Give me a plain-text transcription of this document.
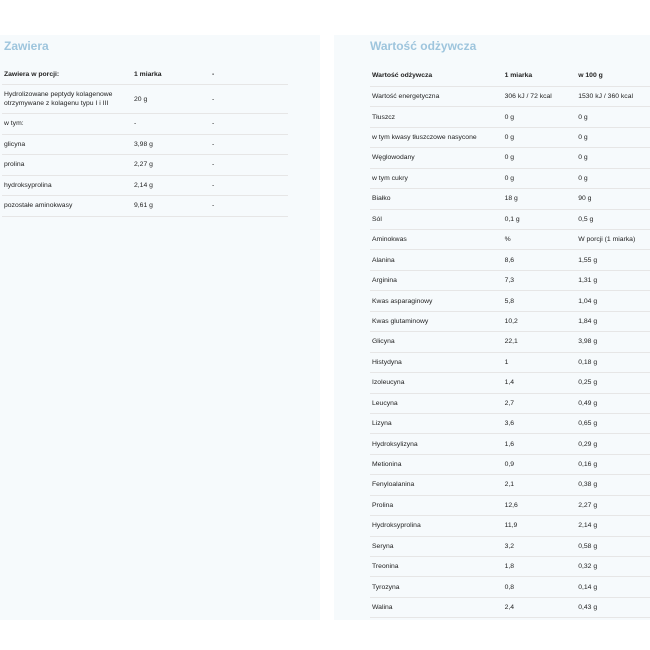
Zawiera
Zawiera w porcji:	1 miarka	-
Hydrolizowane peptydy kolagenowe otrzymywane z kolagenu typu I i III	20 g	-
w tym:	-	-
glicyna	3,98 g	-
prolina	2,27 g	-
hydroksyprolina	2,14 g	-
pozostałe aminokwasy	9,61 g	-
Wartość odżywcza
Wartość odżywcza	1 miarka	w 100 g
Wartość energetyczna	306 kJ / 72 kcal	1530 kJ / 360 kcal
Tłuszcz	0 g	0 g
w tym kwasy tłuszczowe nasycone	0 g	0 g
Węglowodany	0 g	0 g
w tym cukry	0 g	0 g
Białko	18 g	90 g
Sól	0,1 g	0,5 g
Aminokwas	%	W porcji (1 miarka)
Alanina	8,6	1,55 g
Arginina	7,3	1,31 g
Kwas asparaginowy	5,8	1,04 g
Kwas glutaminowy	10,2	1,84 g
Glicyna	22,1	3,98 g
Histydyna	1	0,18 g
Izoleucyna	1,4	0,25 g
Leucyna	2,7	0,49 g
Lizyna	3,6	0,65 g
Hydroksylizyna	1,6	0,29 g
Metionina	0,9	0,16 g
Fenyloalanina	2,1	0,38 g
Prolina	12,6	2,27 g
Hydroksyprolina	11,9	2,14 g
Seryna	3,2	0,58 g
Treonina	1,8	0,32 g
Tyrozyna	0,8	0,14 g
Walina	2,4	0,43 g
